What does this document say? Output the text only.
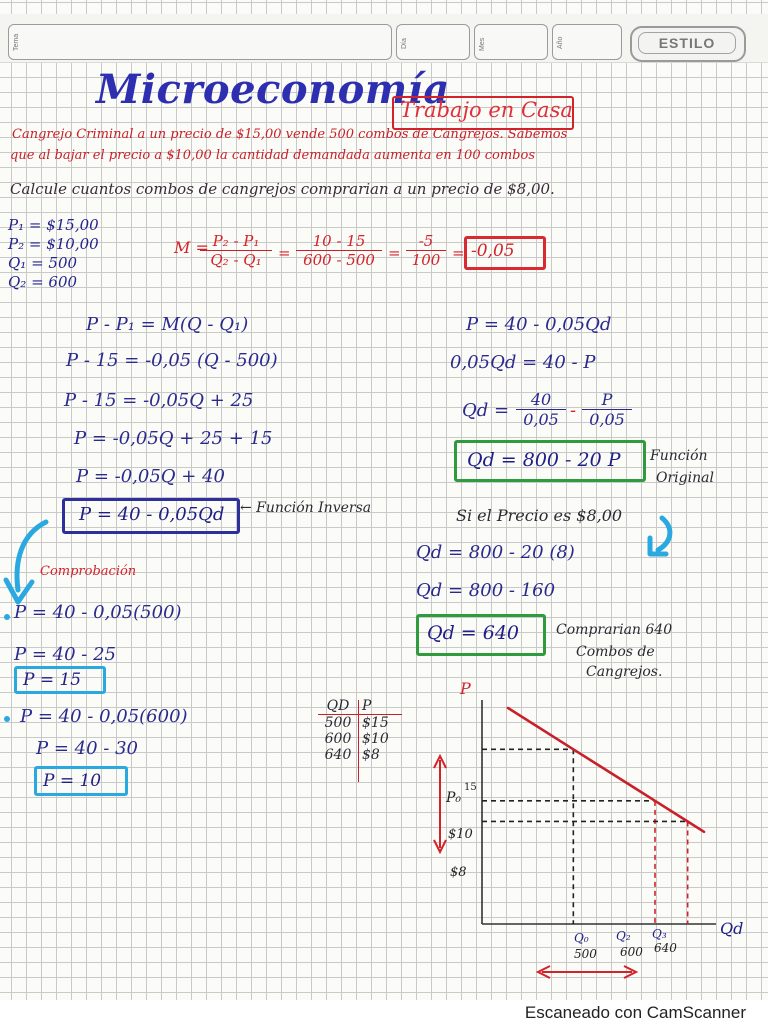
Tema	Día	Mes	Año	ESTILO
Microeconomía
Trabajo en Casa
Cangrejo Criminal a un precio de $15,00 vende 500 combos de Cangrejos. Sabemos
que al bajar el precio a $10,00 la cantidad demandada aumenta en 100 combos
Calcule cuantos combos de cangrejos comprarian a un precio de $8,00.
P₁ = $15,00
P₂ = $10,00
Q₁ = 500
Q₂ = 600
M =
$\frac{\text{P₂ - P₁}}{\text{Q₂ - Q₁}} = \frac{10 - 15}{600 - 500} = \frac{-5}{100} = -0,05$
P - P₁ = M(Q - Q₁)
P - 15 = -0,05 (Q - 500)
P - 15 = -0,05Q + 25
P = -0,05Q + 25 + 15
P = -0,05Q + 40
P = 40 - 0,05Qd ← Función Inversa
P = 40 - 0,05Qd
0,05Qd = 40 - P
$Qd = \frac{40}{0,05} - \frac{P}{0,05}$
Qd = 800 - 20 P Función
Original
Si el Precio es $8,00
Qd = 800 - 20 (8)
Qd = 800 - 160
Qd = 640	Comprarian 640
Combos de
Cangrejos.
Comprobación
P = 40 - 0,05(500)
P = 40 - 25
P = 15
P = 40 - 0,05(600)
P = 40 - 30
P = 10
QD P
500 $15
600 $10
640 $8
P
Qd
P₀
15
$10
$8
Q₀ Q₂ Q₃
500 600 640
Escaneado con CamScanner
